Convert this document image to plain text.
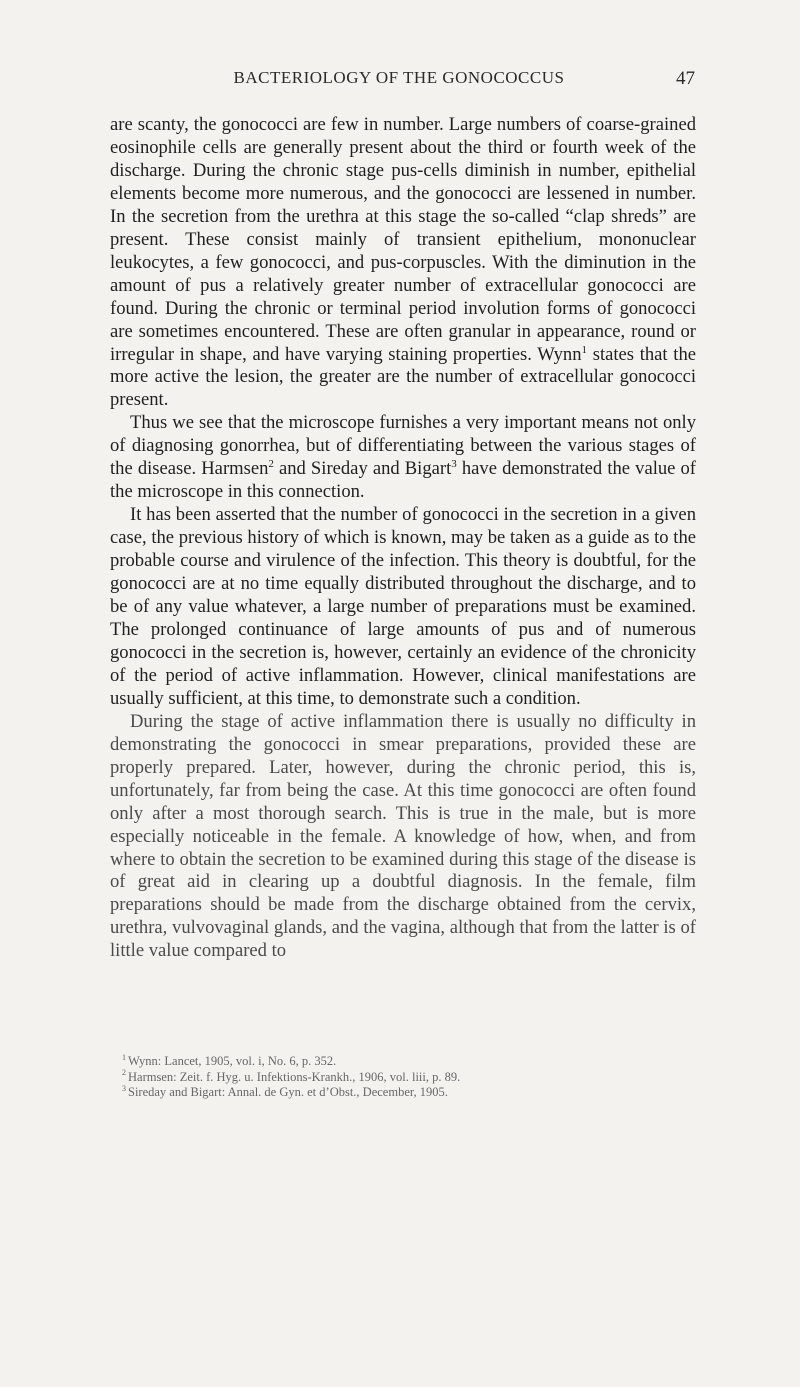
BACTERIOLOGY OF THE GONOCOCCUS	47

are scanty, the gonococci are few in number. Large numbers of coarse-grained eosinophile cells are generally present about the third or fourth week of the discharge. During the chronic stage pus-cells diminish in number, epithelial elements become more numerous, and the gonococci are lessened in number. In the secretion from the urethra at this stage the so-called “clap shreds” are present. These consist mainly of transient epithelium, mononuclear leukocytes, a few gonococci, and pus-corpuscles. With the diminution in the amount of pus a relatively greater number of extracellular gonococci are found. During the chronic or terminal period involution forms of gonococci are sometimes encountered. These are often granular in appearance, round or irregular in shape, and have varying staining properties. Wynn$^1$ states that the more active the lesion, the greater are the number of extracellular gonococci present.

Thus we see that the microscope furnishes a very important means not only of diagnosing gonorrhea, but of differentiating between the various stages of the disease. Harmsen$^2$ and Sireday and Bigart$^3$ have demonstrated the value of the microscope in this connection.

It has been asserted that the number of gonococci in the secretion in a given case, the previous history of which is known, may be taken as a guide as to the probable course and virulence of the infection. This theory is doubtful, for the gonococci are at no time equally distributed throughout the discharge, and to be of any value whatever, a large number of preparations must be examined. The prolonged continuance of large amounts of pus and of numerous gonococci in the secretion is, however, certainly an evidence of the chronicity of the period of active inflammation. However, clinical manifestations are usually sufficient, at this time, to demonstrate such a condition.

During the stage of active inflammation there is usually no difficulty in demonstrating the gonococci in smear preparations, provided these are properly prepared. Later, however, during the chronic period, this is, unfortunately, far from being the case. At this time gonococci are often found only after a most thorough search. This is true in the male, but is more especially noticeable in the female. A knowledge of how, when, and from where to obtain the secretion to be examined during this stage of the disease is of great aid in clearing up a doubtful diagnosis. In the female, film preparations should be made from the discharge obtained from the cervix, urethra, vulvovaginal glands, and the vagina, although that from the latter is of little value compared to

$^1$ Wynn: Lancet, 1905, vol. i, No. 6, p. 352.

$^2$ Harmsen: Zeit. f. Hyg. u. Infektions-Krankh., 1906, vol. liii, p. 89.

$^3$ Sireday and Bigart: Annal. de Gyn. et d’Obst., December, 1905.
